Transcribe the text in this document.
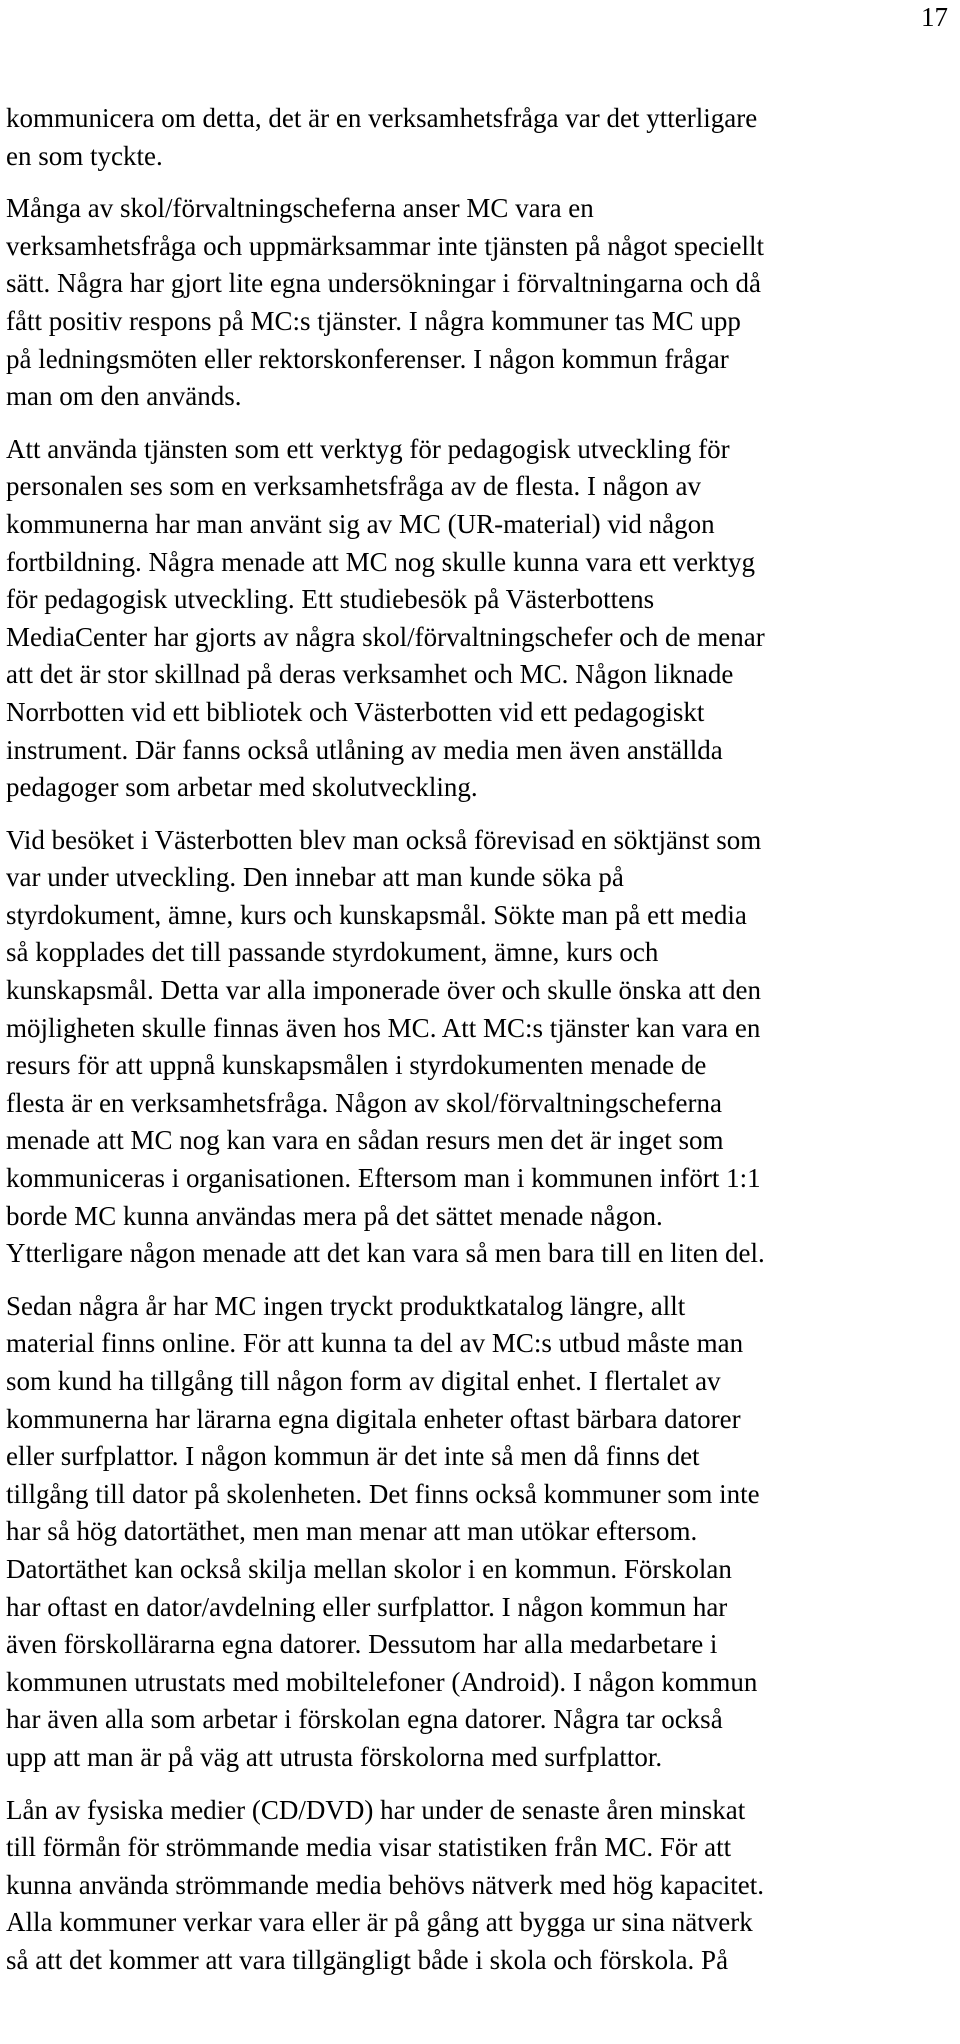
17

kommunicera om detta, det är en verksamhetsfråga var det ytterligare
en som tyckte.

Många av skol/förvaltningscheferna anser MC vara en
verksamhetsfråga och uppmärksammar inte tjänsten på något speciellt
sätt. Några har gjort lite egna undersökningar i förvaltningarna och då
fått positiv respons på MC:s tjänster. I några kommuner tas MC upp
på ledningsmöten eller rektorskonferenser. I någon kommun frågar
man om den används.

Att använda tjänsten som ett verktyg för pedagogisk utveckling för
personalen ses som en verksamhetsfråga av de flesta. I någon av
kommunerna har man använt sig av MC (UR-material) vid någon
fortbildning. Några menade att MC nog skulle kunna vara ett verktyg
för pedagogisk utveckling. Ett studiebesök på Västerbottens
MediaCenter har gjorts av några skol/förvaltningschefer och de menar
att det är stor skillnad på deras verksamhet och MC. Någon liknade
Norrbotten vid ett bibliotek och Västerbotten vid ett pedagogiskt
instrument. Där fanns också utlåning av media men även anställda
pedagoger som arbetar med skolutveckling.

Vid besöket i Västerbotten blev man också förevisad en söktjänst som
var under utveckling. Den innebar att man kunde söka på
styrdokument, ämne, kurs och kunskapsmål. Sökte man på ett media
så kopplades det till passande styrdokument, ämne, kurs och
kunskapsmål. Detta var alla imponerade över och skulle önska att den
möjligheten skulle finnas även hos MC. Att MC:s tjänster kan vara en
resurs för att uppnå kunskapsmålen i styrdokumenten menade de
flesta är en verksamhetsfråga. Någon av skol/förvaltningscheferna
menade att MC nog kan vara en sådan resurs men det är inget som
kommuniceras i organisationen. Eftersom man i kommunen infört 1:1
borde MC kunna användas mera på det sättet menade någon.
Ytterligare någon menade att det kan vara så men bara till en liten del.

Sedan några år har MC ingen tryckt produktkatalog längre, allt
material finns online. För att kunna ta del av MC:s utbud måste man
som kund ha tillgång till någon form av digital enhet. I flertalet av
kommunerna har lärarna egna digitala enheter oftast bärbara datorer
eller surfplattor. I någon kommun är det inte så men då finns det
tillgång till dator på skolenheten. Det finns också kommuner som inte
har så hög datortäthet, men man menar att man utökar eftersom.
Datortäthet kan också skilja mellan skolor i en kommun. Förskolan
har oftast en dator/avdelning eller surfplattor. I någon kommun har
även förskollärarna egna datorer. Dessutom har alla medarbetare i
kommunen utrustats med mobiltelefoner (Android). I någon kommun
har även alla som arbetar i förskolan egna datorer. Några tar också
upp att man är på väg att utrusta förskolorna med surfplattor.

Lån av fysiska medier (CD/DVD) har under de senaste åren minskat
till förmån för strömmande media visar statistiken från MC. För att
kunna använda strömmande media behövs nätverk med hög kapacitet.
Alla kommuner verkar vara eller är på gång att bygga ur sina nätverk
så att det kommer att vara tillgängligt både i skola och förskola. På
